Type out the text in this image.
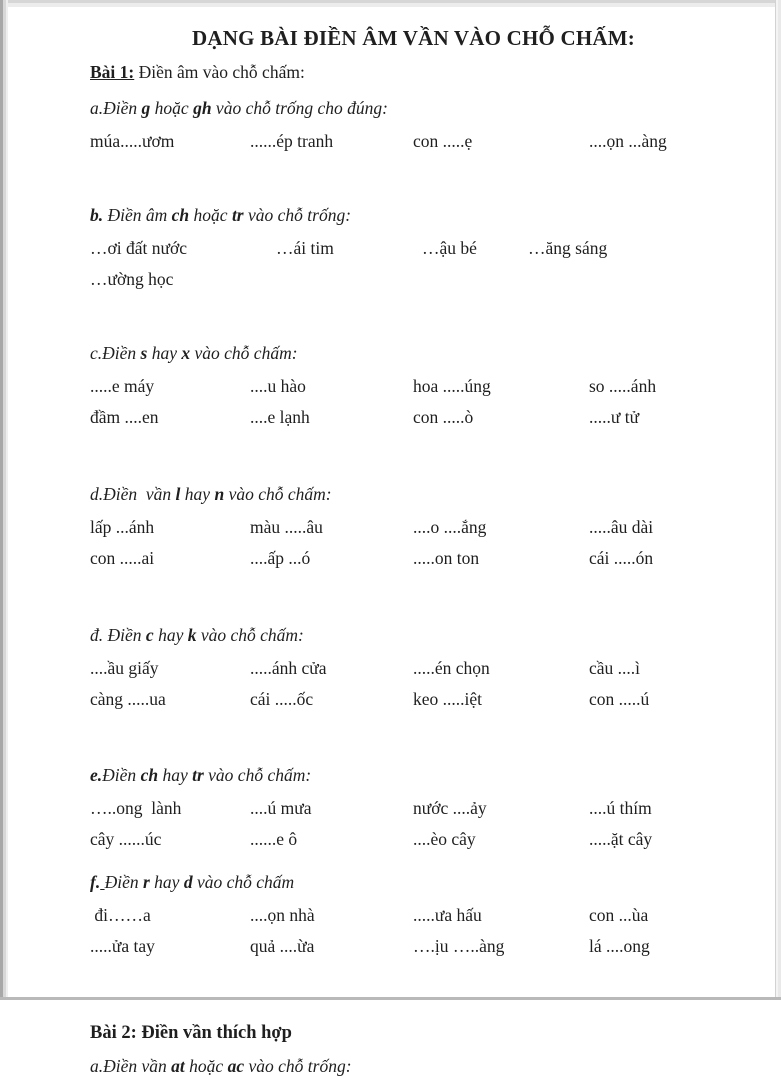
DẠNG BÀI ĐIỀN ÂM VẦN VÀO CHỖ CHẤM:

Bài 1: Điền âm vào chỗ chấm:

a.Điền g hoặc gh vào chỗ trống cho đúng:

múa.....ươm	......ép tranh	con .....ẹ	....ọn ...àng

b. Điền âm ch hoặc tr vào chỗ trống:

…ơi đất nước	…ái tim	…ậu bé	…ăng sáng
…ường học

c.Điền s hay x vào chỗ chấm:

.....e máy	....u hào	hoa .....úng	so .....ánh
đầm ....en	....e lạnh	con .....ò	.....ư tử

d.Điền  vần l hay n vào chỗ chấm:

lấp ...ánh	màu .....âu	....o ....ắng	.....âu dài
con .....ai	....ấp ...ó	.....on ton	cái .....ón

đ. Điền c hay k vào chỗ chấm:

....ầu giấy	.....ánh cửa	.....én chọn	cầu ....ì
càng .....ua	cái .....ốc	keo .....iệt	con .....ú

e.Điền ch hay tr vào chỗ chấm:

…..ong  lành	....ú mưa	nước ....ảy	....ú thím
cây ......úc	......e ô	....èo cây	.....ặt cây

f. Điền r hay d vào chỗ chấm

đi……a	....ọn nhà	.....ưa hấu	con ...ùa
.....ửa tay	quả ....ừa	….ịu …..àng	lá ....ong
Bài 2: Điền vần thích hợp

a.Điền vần at hoặc ac vào chỗ trống:
